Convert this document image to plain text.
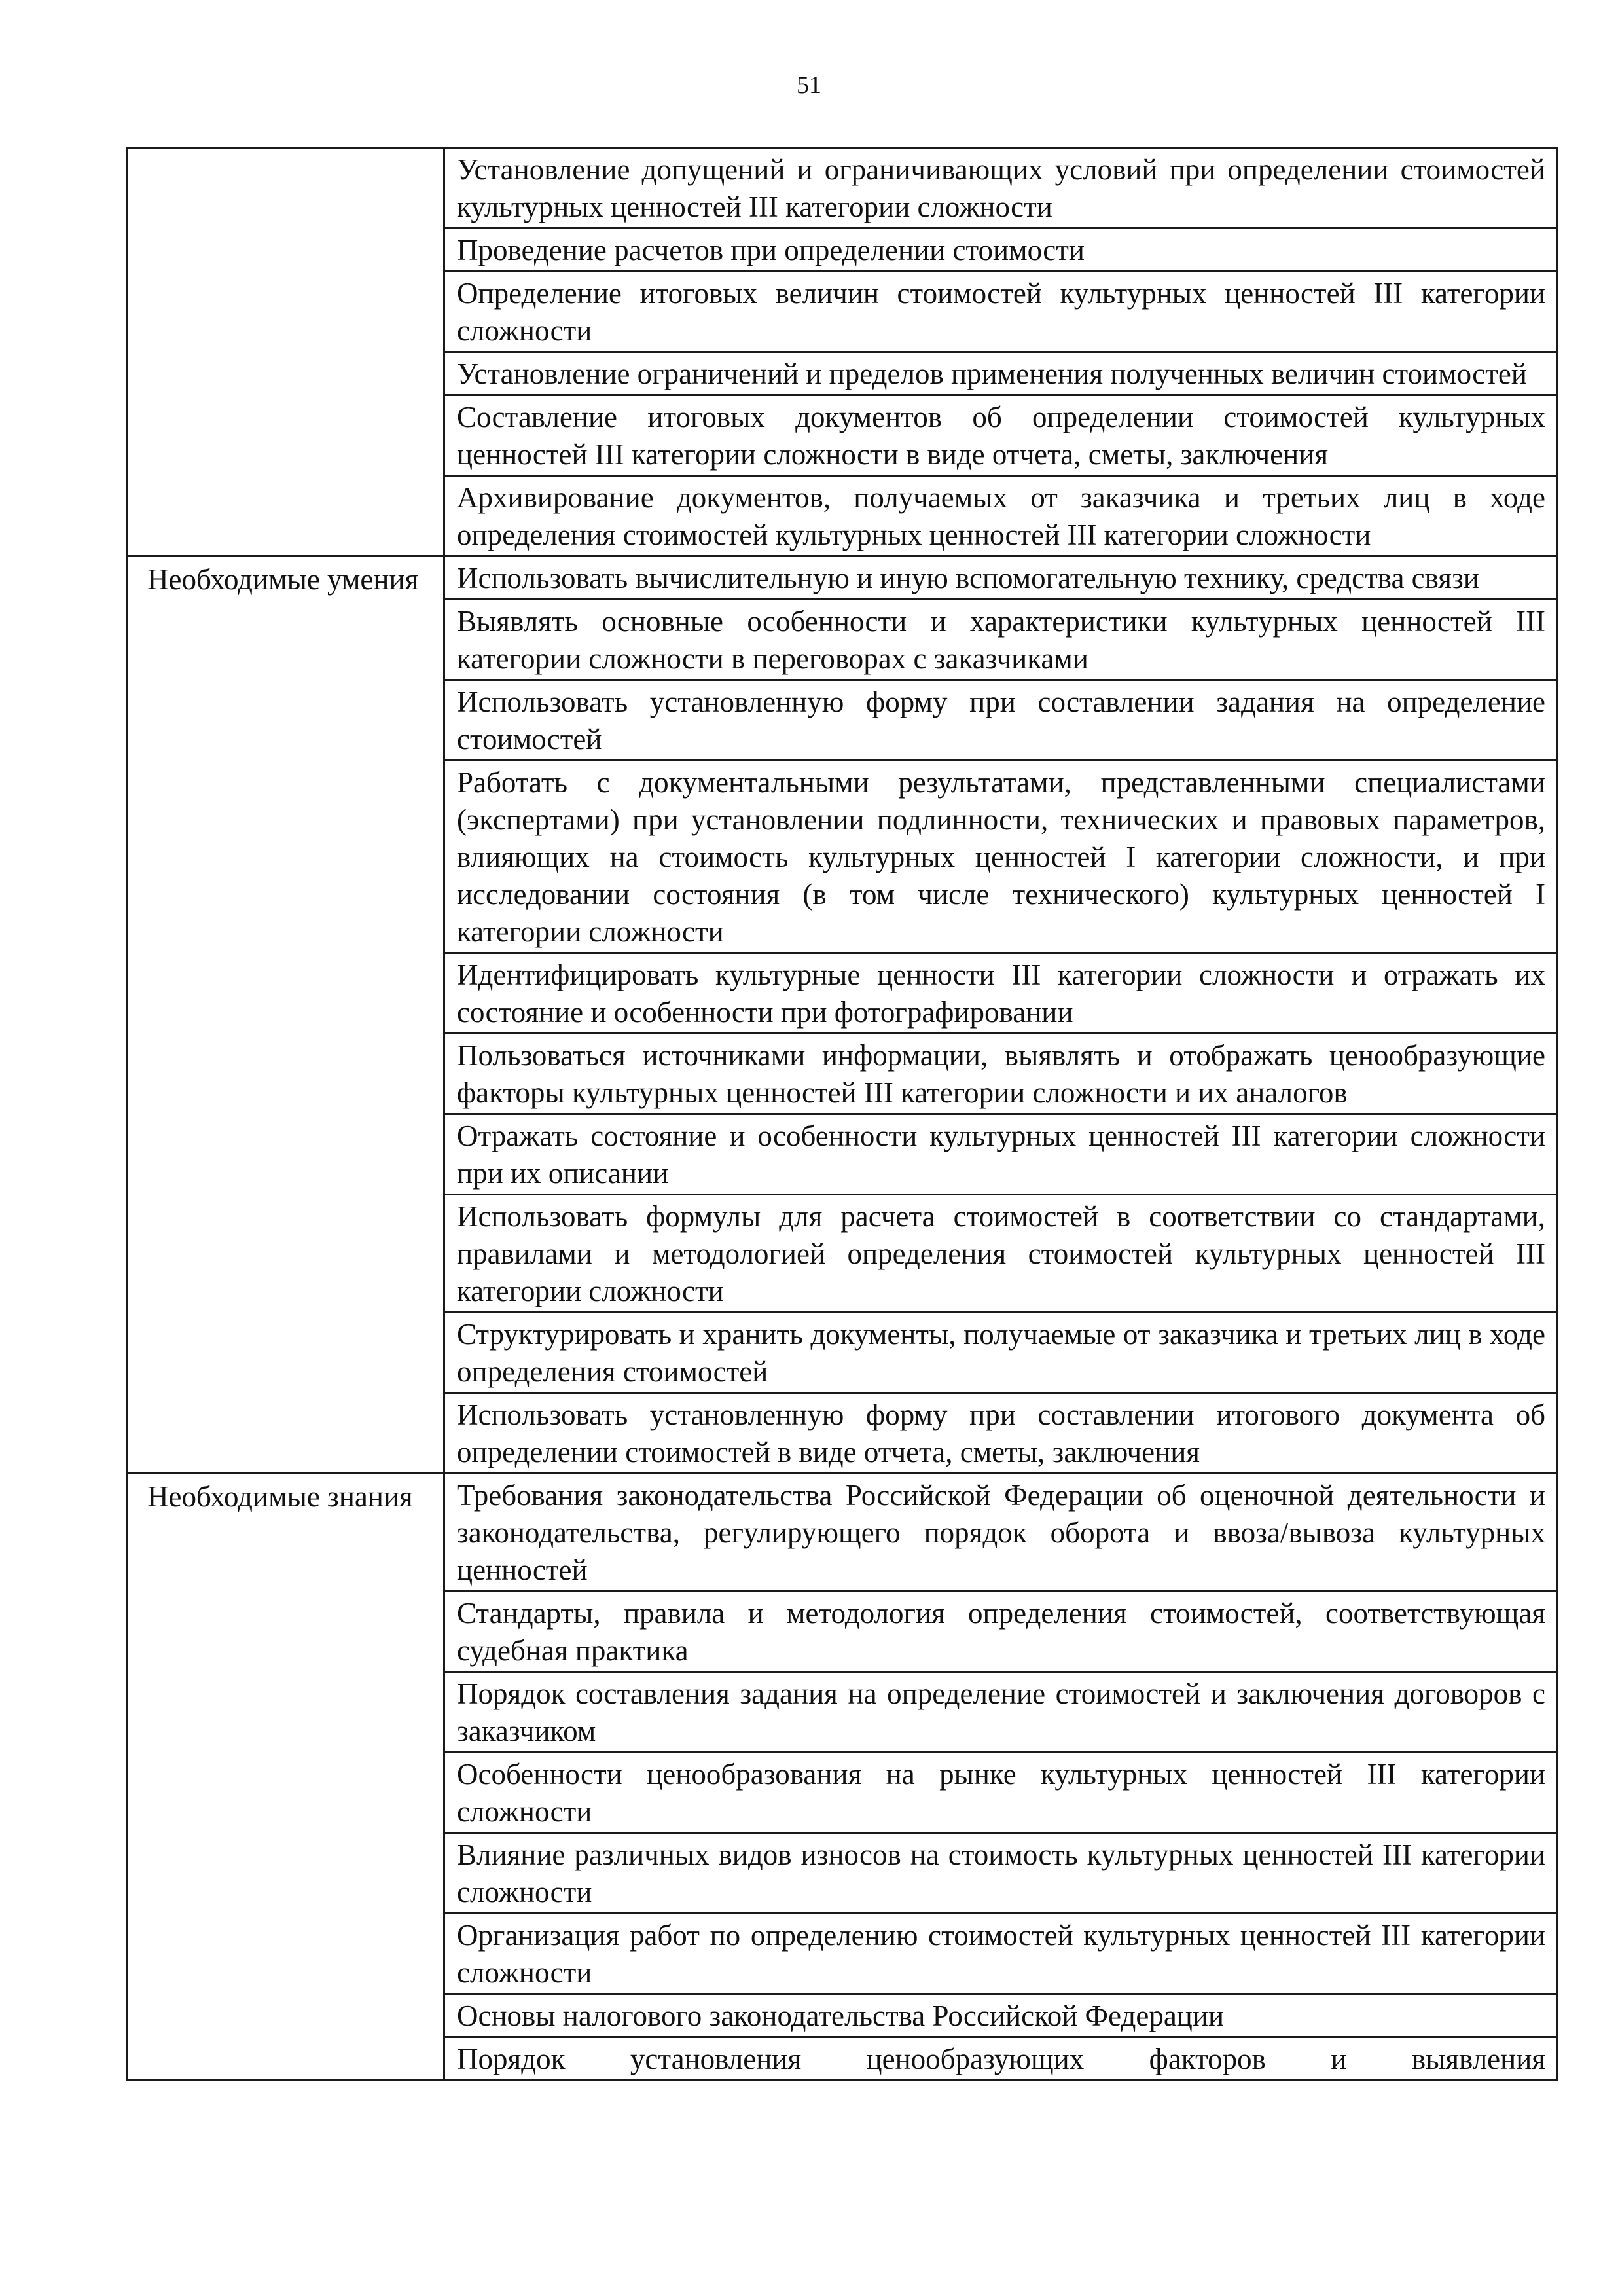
51
	Установление допущений и ограничивающих условий при определении стоимостей культурных ценностей III категории сложности
	Проведение расчетов при определении стоимости
	Определение итоговых величин стоимостей культурных ценностей III категории сложности
	Установление ограничений и пределов применения полученных величин стоимостей
	Составление итоговых документов об определении стоимостей культурных ценностей III категории сложности в виде отчета, сметы, заключения
	Архивирование документов, получаемых от заказчика и третьих лиц в ходе определения стоимостей культурных ценностей III категории сложности
Необходимые умения	Использовать вычислительную и иную вспомогательную технику, средства связи
	Выявлять основные особенности и характеристики культурных ценностей III категории сложности в переговорах с заказчиками
	Использовать установленную форму при составлении задания на определение стоимостей
	Работать с документальными результатами, представленными специалистами (экспертами) при установлении подлинности, технических и правовых параметров, влияющих на стоимость культурных ценностей I категории сложности, и при исследовании состояния (в том числе технического) культурных ценностей I категории сложности
	Идентифицировать культурные ценности III категории сложности и отражать их состояние и особенности при фотографировании
	Пользоваться источниками информации, выявлять и отображать ценообразующие факторы культурных ценностей III категории сложности и их аналогов
	Отражать состояние и особенности культурных ценностей III категории сложности при их описании
	Использовать формулы для расчета стоимостей в соответствии со стандартами, правилами и методологией определения стоимостей культурных ценностей III категории сложности
	Структурировать и хранить документы, получаемые от заказчика и третьих лиц в ходе определения стоимостей
	Использовать установленную форму при составлении итогового документа об определении стоимостей в виде отчета, сметы, заключения
Необходимые знания	Требования законодательства Российской Федерации об оценочной деятельности и законодательства, регулирующего порядок оборота и ввоза/вывоза культурных ценностей
	Стандарты, правила и методология определения стоимостей, соответствующая судебная практика
	Порядок составления задания на определение стоимостей и заключения договоров с заказчиком
	Особенности ценообразования на рынке культурных ценностей III категории сложности
	Влияние различных видов износов на стоимость культурных ценностей III категории сложности
	Организация работ по определению стоимостей культурных ценностей III категории сложности
	Основы налогового законодательства Российской Федерации
	Порядок установления ценообразующих факторов и выявления
